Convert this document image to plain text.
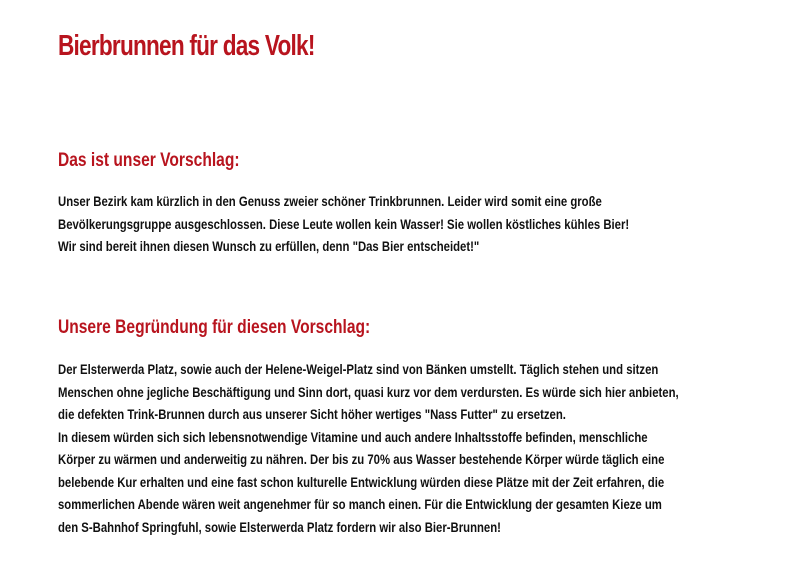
Bierbrunnen für das Volk!
Das ist unser Vorschlag:

Unser Bezirk kam kürzlich in den Genuss zweier schöner Trinkbrunnen. Leider wird somit eine große
Bevölkerungsgruppe ausgeschlossen. Diese Leute wollen kein Wasser! Sie wollen köstliches kühles Bier!
Wir sind bereit ihnen diesen Wunsch zu erfüllen, denn "Das Bier entscheidet!"

Unsere Begründung für diesen Vorschlag:

Der Elsterwerda Platz, sowie auch der Helene-Weigel-Platz sind von Bänken umstellt. Täglich stehen und sitzen
Menschen ohne jegliche Beschäftigung und Sinn dort, quasi kurz vor dem verdursten. Es würde sich hier anbieten,
die defekten Trink-Brunnen durch aus unserer Sicht höher wertiges "Nass Futter" zu ersetzen.
In diesem würden sich sich lebensnotwendige Vitamine und auch andere Inhaltsstoffe befinden, menschliche
Körper zu wärmen und anderweitig zu nähren. Der bis zu 70% aus Wasser bestehende Körper würde täglich eine
belebende Kur erhalten und eine fast schon kulturelle Entwicklung würden diese Plätze mit der Zeit erfahren, die
sommerlichen Abende wären weit angenehmer für so manch einen. Für die Entwicklung der gesamten Kieze um
den S-Bahnhof Springfuhl, sowie Elsterwerda Platz fordern wir also Bier-Brunnen!
